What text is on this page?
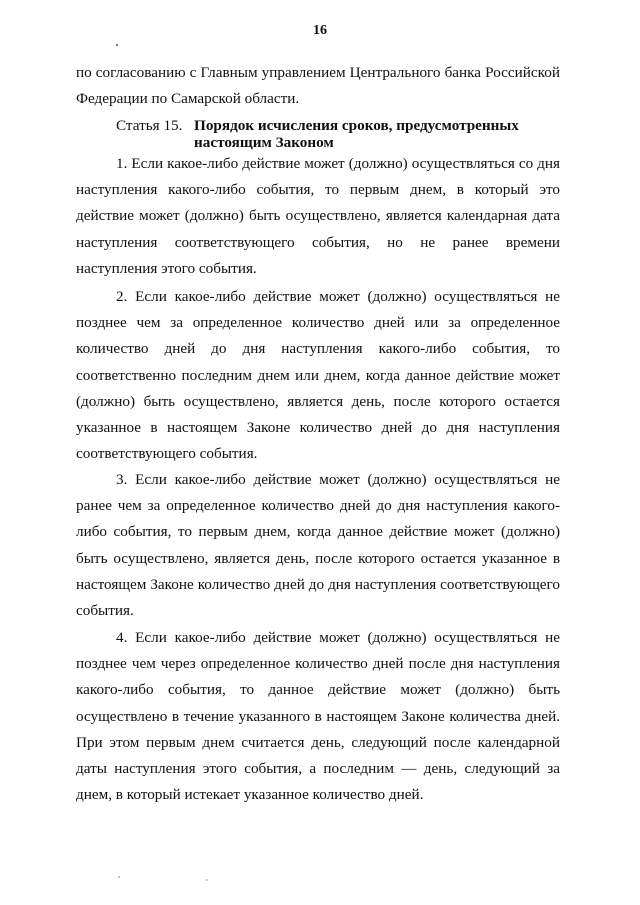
16

по согласованию с Главным управлением Центрального банка Российской Федерации по Самарской области.

Статья 15. Порядок исчисления сроков, предусмотренных
настоящим Законом

1. Если какое-либо действие может (должно) осуществляться со дня наступления какого-либо события, то первым днем, в который это действие может (должно) быть осуществлено, является календарная дата наступления соответствующего события, но не ранее времени наступления этого события.

2. Если какое-либо действие может (должно) осуществляться не позднее чем за определенное количество дней или за определенное количество дней до дня наступления какого-либо события, то соответственно последним днем или днем, когда данное действие может (должно) быть осуществлено, является день, после которого остается указанное в настоящем Законе количество дней до дня наступления соответствующего события.

3. Если какое-либо действие может (должно) осуществляться не ранее чем за определенное количество дней до дня наступления какого-либо события, то первым днем, когда данное действие может (должно) быть осуществлено, является день, после которого остается указанное в настоящем Законе количество дней до дня наступления соответствующего события.

4. Если какое-либо действие может (должно) осуществляться не позднее чем через определенное количество дней после дня наступления какого-либо события, то данное действие может (должно) быть осуществлено в течение указанного в настоящем Законе количества дней. При этом первым днем считается день, следующий после календарной даты наступления этого события, а последним — день, следующий за днем, в который истекает указанное количество дней.
